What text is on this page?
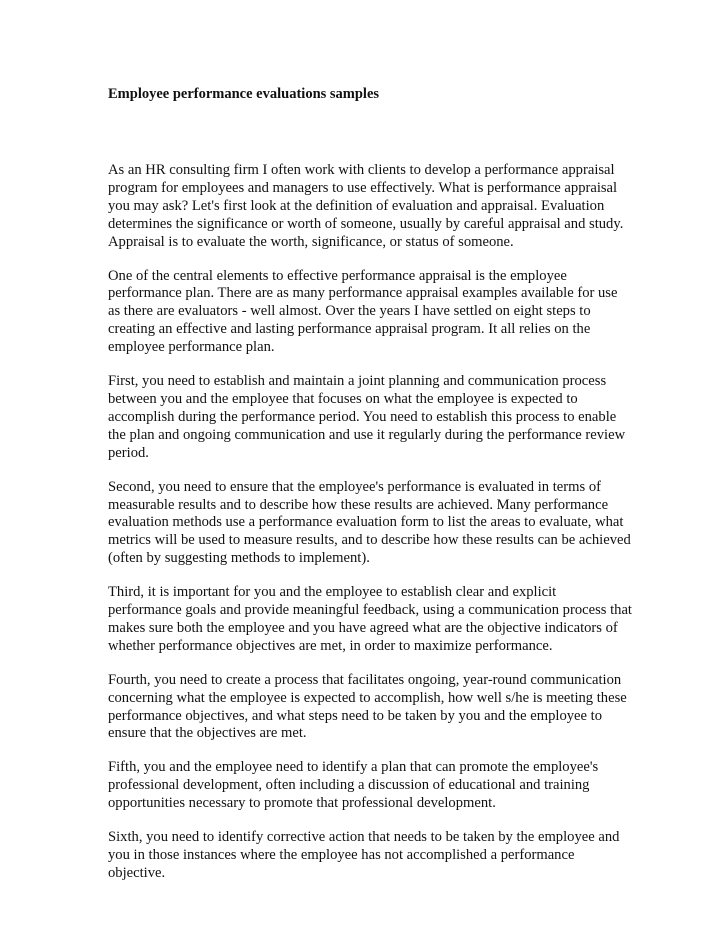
Employee performance evaluations samples

As an HR consulting firm I often work with clients to develop a performance appraisal
program for employees and managers to use effectively. What is performance appraisal
you may ask? Let's first look at the definition of evaluation and appraisal. Evaluation
determines the significance or worth of someone, usually by careful appraisal and study.
Appraisal is to evaluate the worth, significance, or status of someone.

One of the central elements to effective performance appraisal is the employee
performance plan. There are as many performance appraisal examples available for use
as there are evaluators - well almost. Over the years I have settled on eight steps to
creating an effective and lasting performance appraisal program. It all relies on the
employee performance plan.

First, you need to establish and maintain a joint planning and communication process
between you and the employee that focuses on what the employee is expected to
accomplish during the performance period. You need to establish this process to enable
the plan and ongoing communication and use it regularly during the performance review
period.

Second, you need to ensure that the employee's performance is evaluated in terms of
measurable results and to describe how these results are achieved. Many performance
evaluation methods use a performance evaluation form to list the areas to evaluate, what
metrics will be used to measure results, and to describe how these results can be achieved
(often by suggesting methods to implement).

Third, it is important for you and the employee to establish clear and explicit
performance goals and provide meaningful feedback, using a communication process that
makes sure both the employee and you have agreed what are the objective indicators of
whether performance objectives are met, in order to maximize performance.

Fourth, you need to create a process that facilitates ongoing, year-round communication
concerning what the employee is expected to accomplish, how well s/he is meeting these
performance objectives, and what steps need to be taken by you and the employee to
ensure that the objectives are met.

Fifth, you and the employee need to identify a plan that can promote the employee's
professional development, often including a discussion of educational and training
opportunities necessary to promote that professional development.

Sixth, you need to identify corrective action that needs to be taken by the employee and
you in those instances where the employee has not accomplished a performance
objective.
